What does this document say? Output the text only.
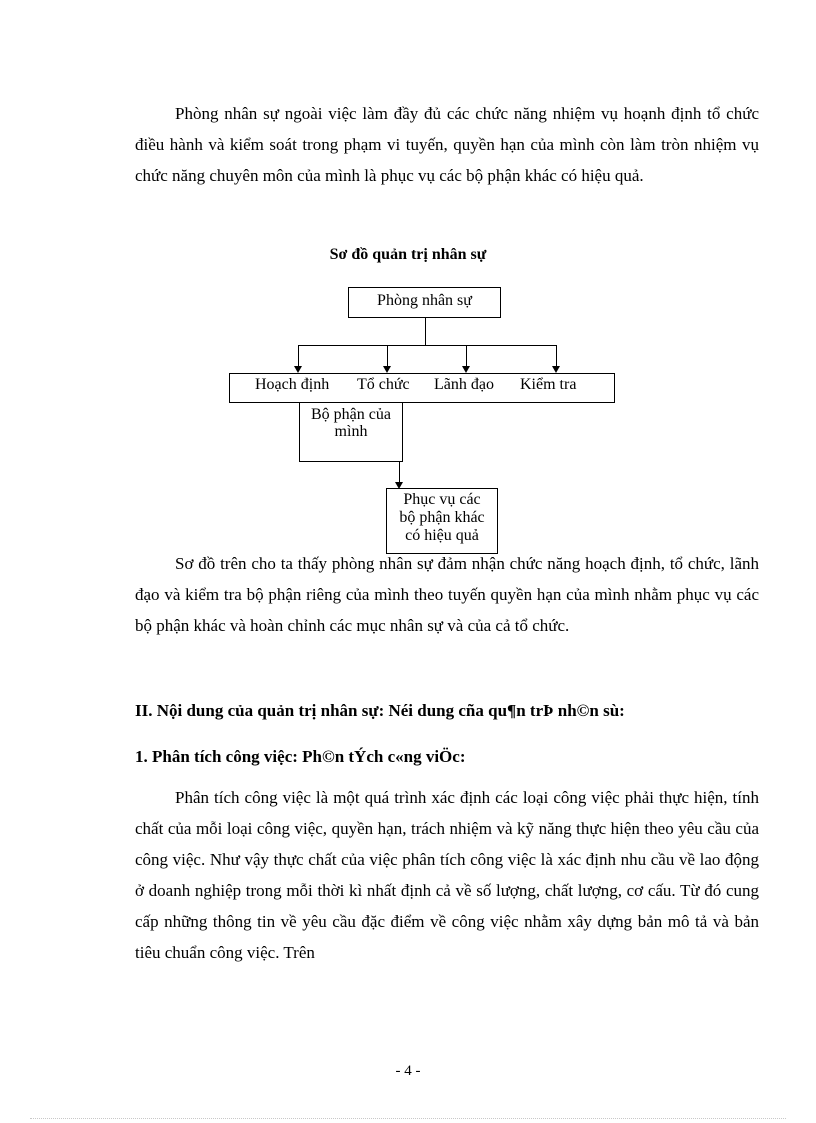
Phòng nhân sự ngoài việc làm đầy đủ các chức năng nhiệm vụ hoạnh định tổ chức điều hành và kiểm soát trong phạm vi tuyến, quyền hạn của mình còn làm tròn nhiệm vụ chức năng chuyên môn của mình là phục vụ các bộ phận khác có hiệu quả.

Sơ đồ quản trị nhân sự

Phòng nhân sự
Hoạch định Tổ chức Lãnh đạo Kiểm tra
Bộ phận của
mình
Phục vụ các
bộ phận khác
có hiệu quả

Sơ đồ trên cho ta thấy phòng nhân sự đảm nhận chức năng hoạch định, tổ chức, lãnh đạo và kiểm tra bộ phận riêng của mình theo tuyến quyền hạn của mình nhằm phục vụ các bộ phận khác và hoàn chỉnh các mục nhân sự và của cả tổ chức.

II. Nội dung của quản trị nhân sự: Néi dung cña qu¶n trÞ nh©n sù:

1. Phân tích công việc: Ph©n tÝch c«ng viÖc:

Phân tích công việc là một quá trình xác định các loại công việc phải thực hiện, tính chất của mỗi loại công việc, quyền hạn, trách nhiệm và kỹ năng thực hiện theo yêu cầu của công việc. Như vậy thực chất của việc phân tích công việc là xác định nhu cầu về lao động ở doanh nghiệp trong mỗi thời kì nhất định cả về số lượng, chất lượng, cơ cấu. Từ đó cung cấp những thông tin về yêu cầu đặc điểm về công việc nhằm xây dựng bản mô tả và bản tiêu chuẩn công việc. Trên

- 4 -
